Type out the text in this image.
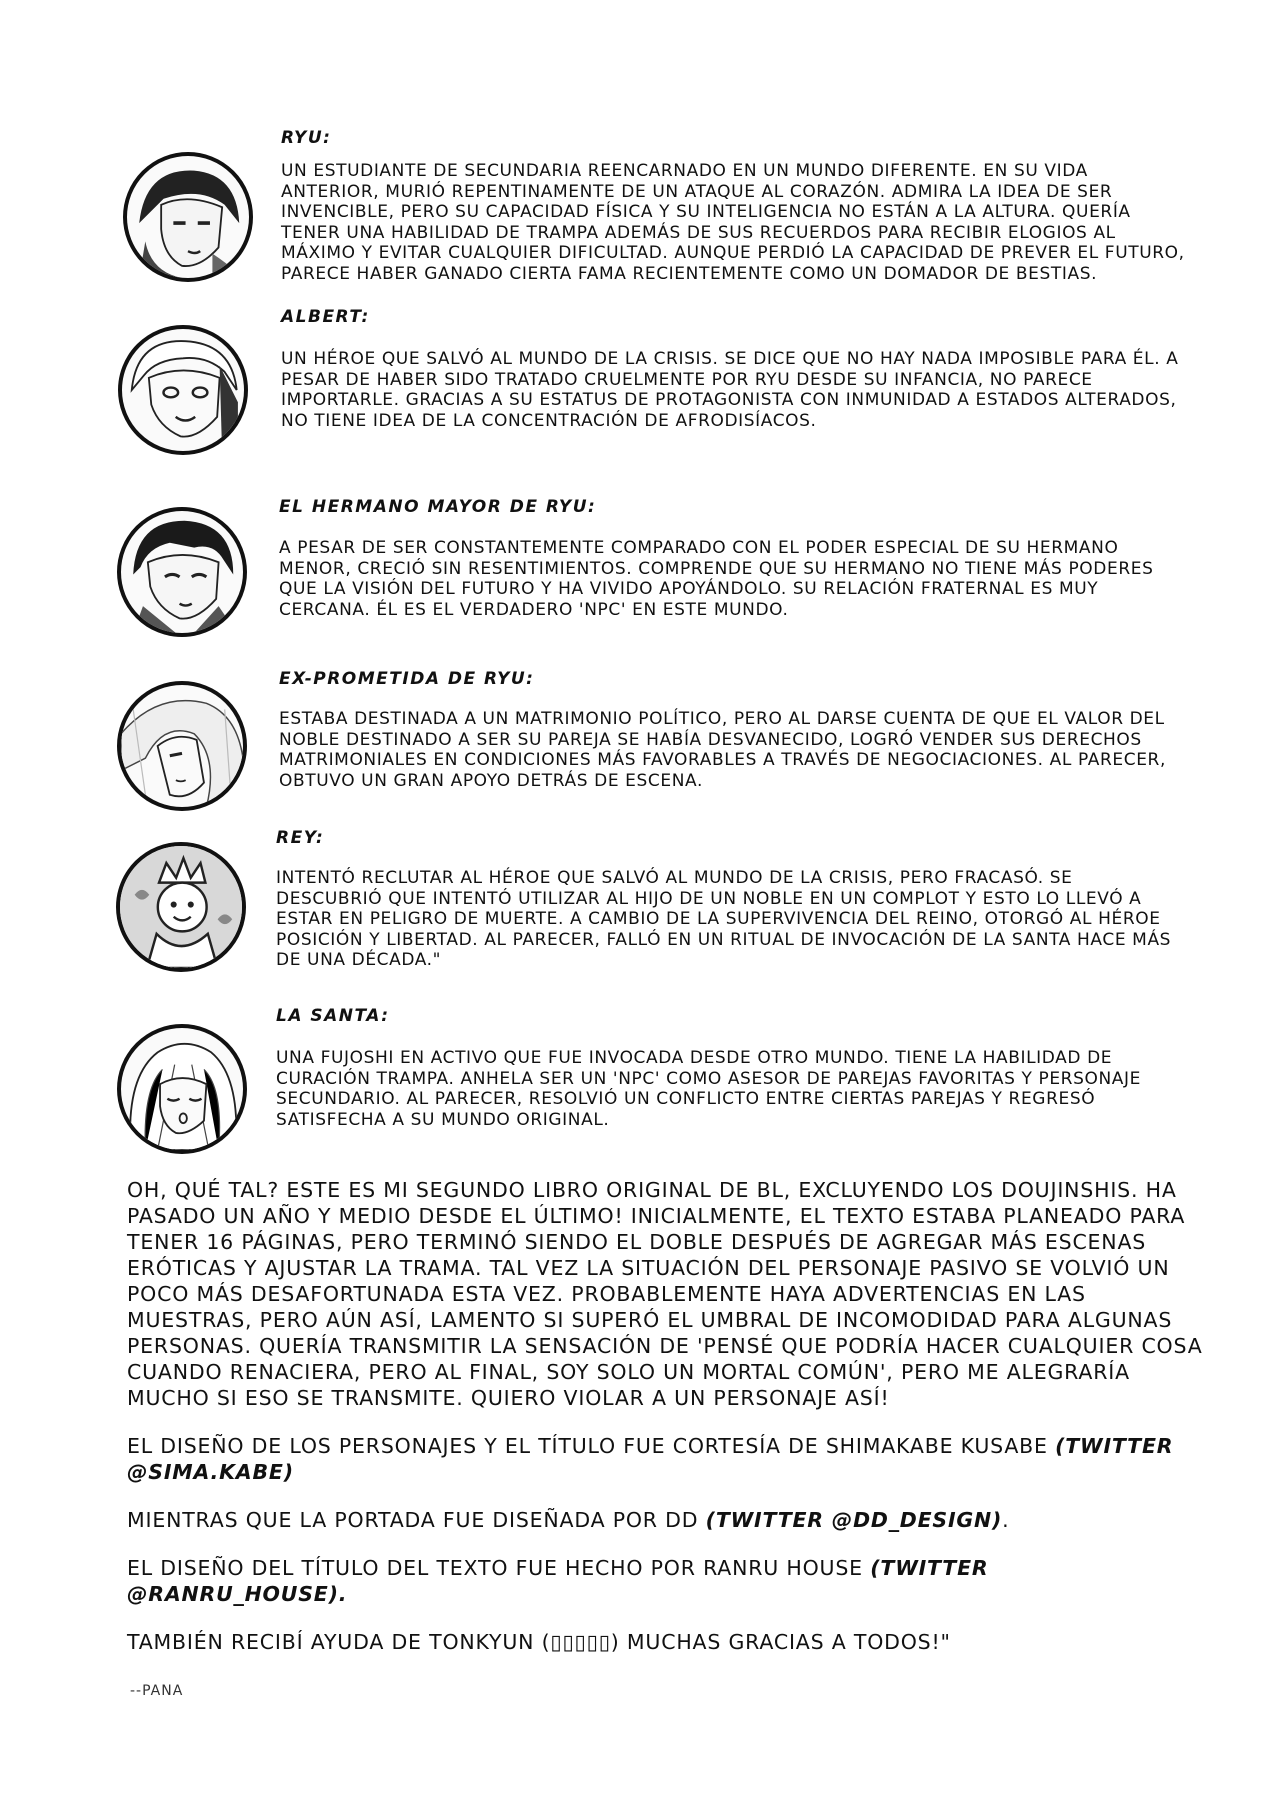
RYU:
UN ESTUDIANTE DE SECUNDARIA REENCARNADO EN UN MUNDO DIFERENTE. EN SU VIDA ANTERIOR, MURIÓ REPENTINAMENTE DE UN ATAQUE AL CORAZÓN. ADMIRA LA IDEA DE SER INVENCIBLE, PERO SU CAPACIDAD FÍSICA Y SU INTELIGENCIA NO ESTÁN A LA ALTURA. QUERÍA TENER UNA HABILIDAD DE TRAMPA ADEMÁS DE SUS RECUERDOS PARA RECIBIR ELOGIOS AL MÁXIMO Y EVITAR CUALQUIER DIFICULTAD. AUNQUE PERDIÓ LA CAPACIDAD DE PREVER EL FUTURO, PARECE HABER GANADO CIERTA FAMA RECIENTEMENTE COMO UN DOMADOR DE BESTIAS.
ALBERT:
UN HÉROE QUE SALVÓ AL MUNDO DE LA CRISIS. SE DICE QUE NO HAY NADA IMPOSIBLE PARA ÉL. A PESAR DE HABER SIDO TRATADO CRUELMENTE POR RYU DESDE SU INFANCIA, NO PARECE IMPORTARLE. GRACIAS A SU ESTATUS DE PROTAGONISTA CON INMUNIDAD A ESTADOS ALTERADOS, NO TIENE IDEA DE LA CONCENTRACIÓN DE AFRODISÍACOS.
EL HERMANO MAYOR DE RYU:
A PESAR DE SER CONSTANTEMENTE COMPARADO CON EL PODER ESPECIAL DE SU HERMANO MENOR, CRECIÓ SIN RESENTIMIENTOS. COMPRENDE QUE SU HERMANO NO TIENE MÁS PODERES QUE LA VISIÓN DEL FUTURO Y HA VIVIDO APOYÁNDOLO. SU RELACIÓN FRATERNAL ES MUY CERCANA. ÉL ES EL VERDADERO 'NPC' EN ESTE MUNDO.
EX-PROMETIDA DE RYU:
ESTABA DESTINADA A UN MATRIMONIO POLÍTICO, PERO AL DARSE CUENTA DE QUE EL VALOR DEL NOBLE DESTINADO A SER SU PAREJA SE HABÍA DESVANECIDO, LOGRÓ VENDER SUS DERECHOS MATRIMONIALES EN CONDICIONES MÁS FAVORABLES A TRAVÉS DE NEGOCIACIONES. AL PARECER, OBTUVO UN GRAN APOYO DETRÁS DE ESCENA.
REY:
INTENTÓ RECLUTAR AL HÉROE QUE SALVÓ AL MUNDO DE LA CRISIS, PERO FRACASÓ. SE DESCUBRIÓ QUE INTENTÓ UTILIZAR AL HIJO DE UN NOBLE EN UN COMPLOT Y ESTO LO LLEVÓ A ESTAR EN PELIGRO DE MUERTE. A CAMBIO DE LA SUPERVIVENCIA DEL REINO, OTORGÓ AL HÉROE POSICIÓN Y LIBERTAD. AL PARECER, FALLÓ EN UN RITUAL DE INVOCACIÓN DE LA SANTA HACE MÁS DE UNA DÉCADA."
LA SANTA:
UNA FUJOSHI EN ACTIVO QUE FUE INVOCADA DESDE OTRO MUNDO. TIENE LA HABILIDAD DE CURACIÓN TRAMPA. ANHELA SER UN 'NPC' COMO ASESOR DE PAREJAS FAVORITAS Y PERSONAJE SECUNDARIO. AL PARECER, RESOLVIÓ UN CONFLICTO ENTRE CIERTAS PAREJAS Y REGRESÓ SATISFECHA A SU MUNDO ORIGINAL.

OH, QUÉ TAL? ESTE ES MI SEGUNDO LIBRO ORIGINAL DE BL, EXCLUYENDO LOS DOUJINSHIS. HA PASADO UN AÑO Y MEDIO DESDE EL ÚLTIMO! INICIALMENTE, EL TEXTO ESTABA PLANEADO PARA TENER 16 PÁGINAS, PERO TERMINÓ SIENDO EL DOBLE DESPUÉS DE AGREGAR MÁS ESCENAS ERÓTICAS Y AJUSTAR LA TRAMA. TAL VEZ LA SITUACIÓN DEL PERSONAJE PASIVO SE VOLVIÓ UN POCO MÁS DESAFORTUNADA ESTA VEZ. PROBABLEMENTE HAYA ADVERTENCIAS EN LAS MUESTRAS, PERO AÚN ASÍ, LAMENTO SI SUPERÓ EL UMBRAL DE INCOMODIDAD PARA ALGUNAS PERSONAS. QUERÍA TRANSMITIR LA SENSACIÓN DE 'PENSÉ QUE PODRÍA HACER CUALQUIER COSA CUANDO RENACIERA, PERO AL FINAL, SOY SOLO UN MORTAL COMÚN', PERO ME ALEGRARÍA MUCHO SI ESO SE TRANSMITE. QUIERO VIOLAR A UN PERSONAJE ASÍ!

EL DISEÑO DE LOS PERSONAJES Y EL TÍTULO FUE CORTESÍA DE SHIMAKABE KUSABE (TWITTER @SIMA.KABE)

MIENTRAS QUE LA PORTADA FUE DISEÑADA POR DD (TWITTER @DD_DESIGN).

EL DISEÑO DEL TÍTULO DEL TEXTO FUE HECHO POR RANRU HOUSE (TWITTER @RANRU_HOUSE).

TAMBIÉN RECIBÍ AYUDA DE TONKYUN (▯▯▯▯▯) MUCHAS GRACIAS A TODOS!"

--PANA
